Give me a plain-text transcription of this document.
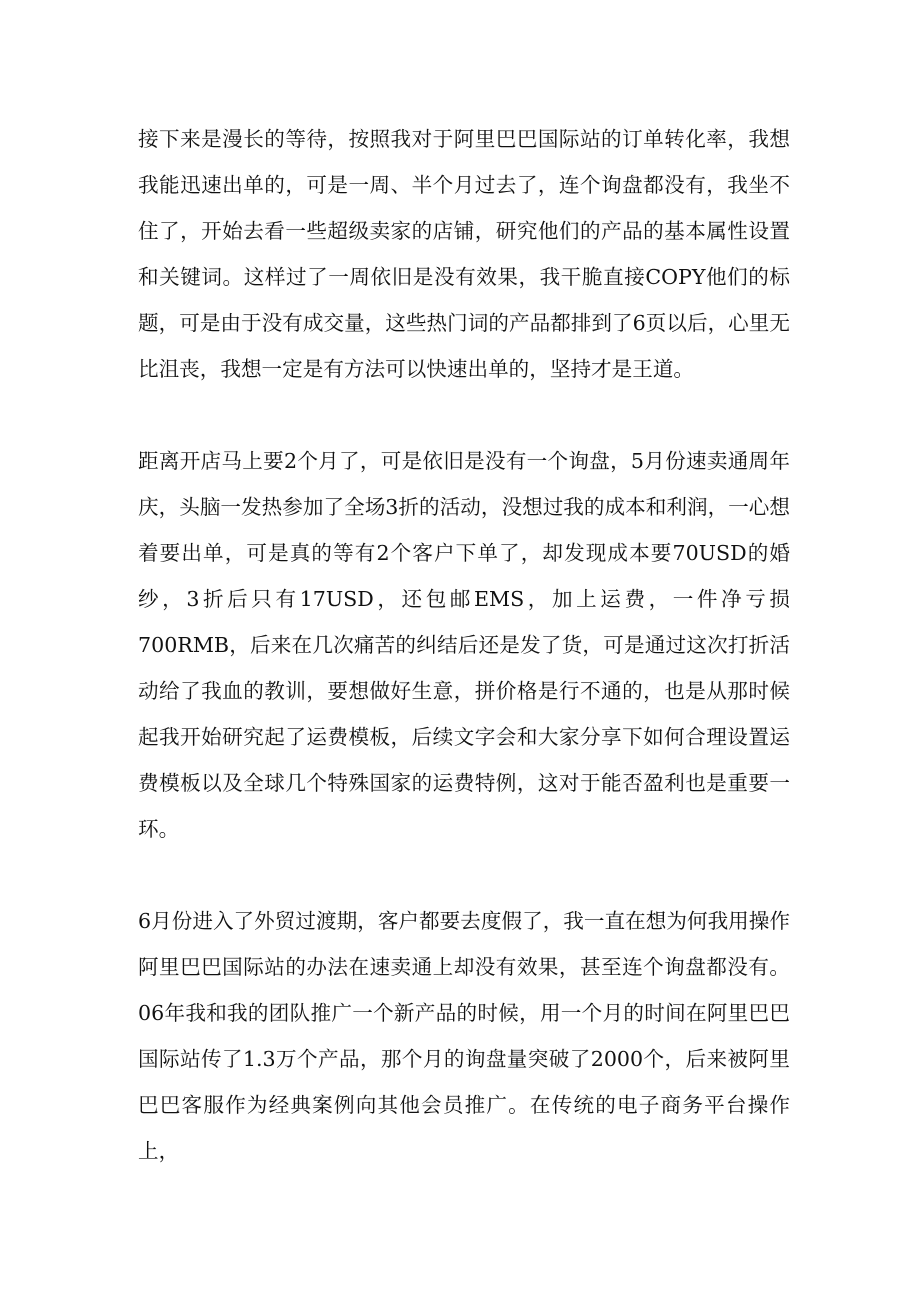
接下来是漫长的等待，按照我对于阿里巴巴国际站的订单转化率，我想我能迅速出单的，可是一周、半个月过去了，连个询盘都没有，我坐不住了，开始去看一些超级卖家的店铺，研究他们的产品的基本属性设置和关键词。这样过了一周依旧是没有效果，我干脆直接COPY他们的标题，可是由于没有成交量，这些热门词的产品都排到了6页以后，心里无比沮丧，我想一定是有方法可以快速出单的，坚持才是王道。

距离开店马上要2个月了，可是依旧是没有一个询盘，5月份速卖通周年庆，头脑一发热参加了全场3折的活动，没想过我的成本和利润，一心想着要出单，可是真的等有2个客户下单了，却发现成本要70USD的婚纱，3折后只有17USD，还包邮EMS，加上运费，一件净亏损700RMB，后来在几次痛苦的纠结后还是发了货，可是通过这次打折活动给了我血的教训，要想做好生意，拼价格是行不通的，也是从那时候起我开始研究起了运费模板，后续文字会和大家分享下如何合理设置运费模板以及全球几个特殊国家的运费特例，这对于能否盈利也是重要一环。

6月份进入了外贸过渡期，客户都要去度假了，我一直在想为何我用操作阿里巴巴国际站的办法在速卖通上却没有效果，甚至连个询盘都没有。06年我和我的团队推广一个新产品的时候，用一个月的时间在阿里巴巴国际站传了1.3万个产品，那个月的询盘量突破了2000个，后来被阿里巴巴客服作为经典案例向其他会员推广。在传统的电子商务平台操作上，
